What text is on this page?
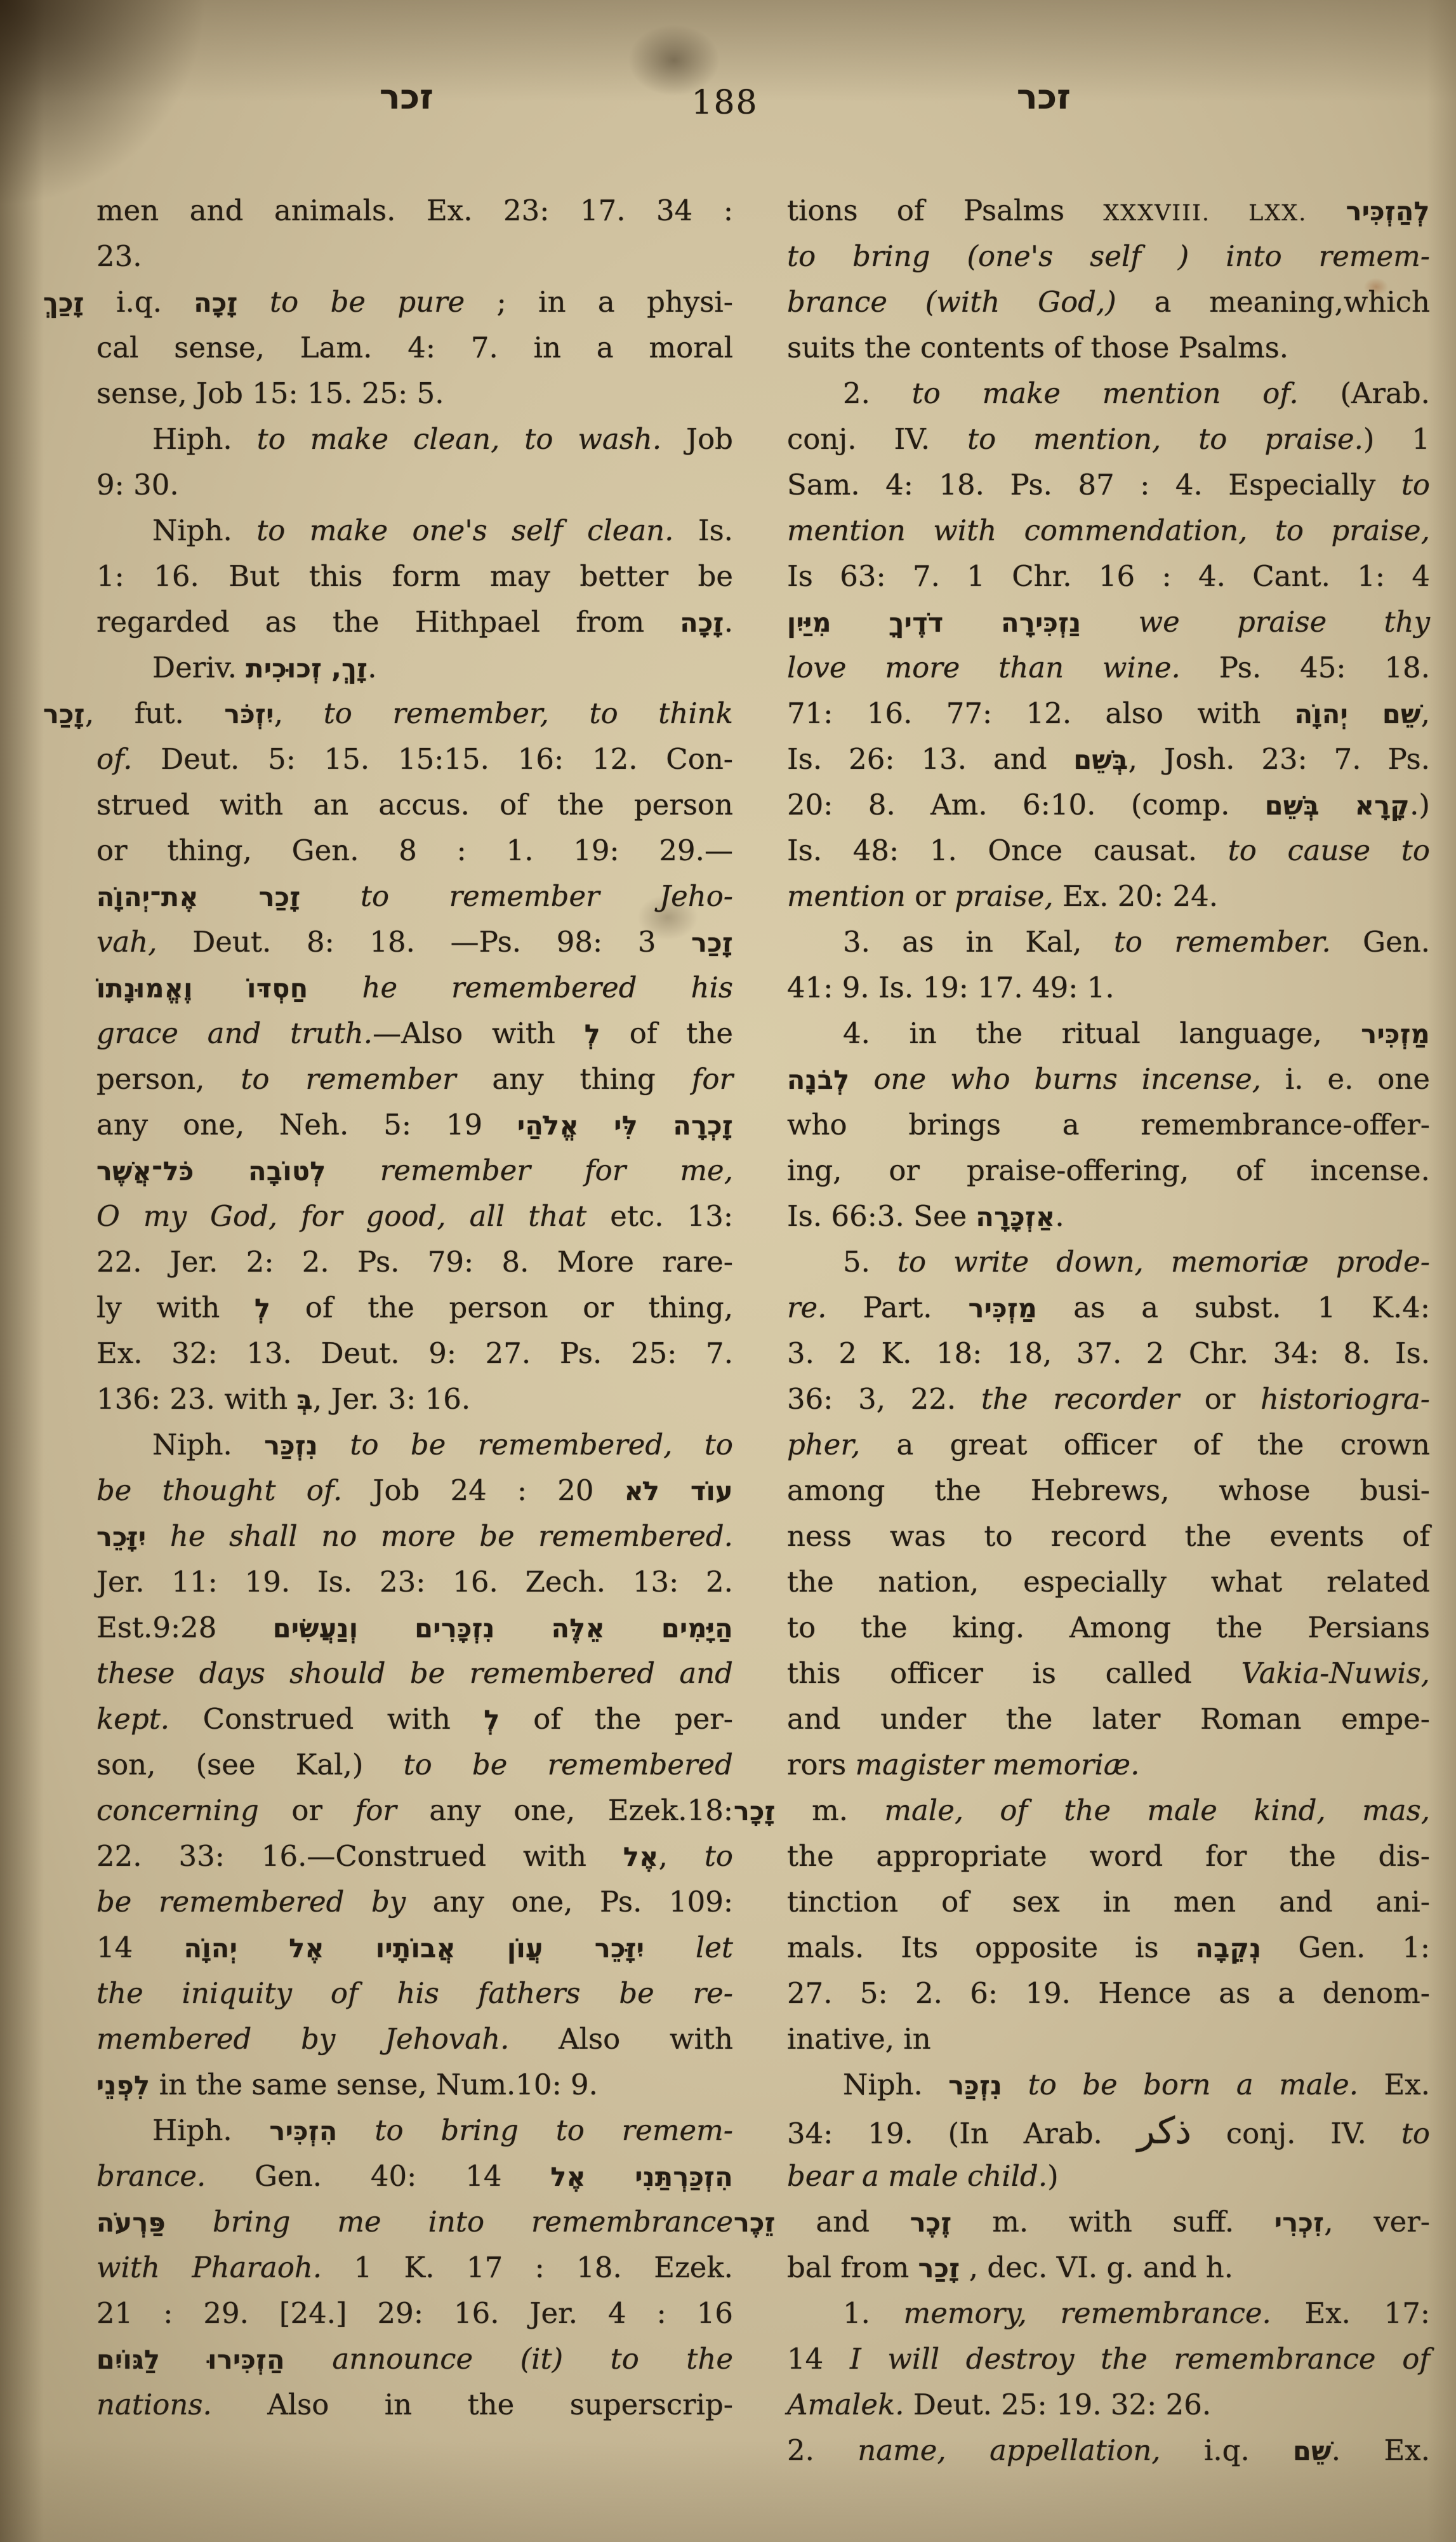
זכר	188	זכר
men and animals. Ex. 23: 17. 34 :
23.
זָכַךְ i.q. זָכָה to be pure ; in a physi-
cal sense, Lam. 4: 7. in a moral
sense, Job 15: 15. 25: 5.
Hiph. to make clean, to wash. Job
9: 30.
Niph. to make one's self clean. Is.
1: 16. But this form may better be
regarded as the Hithpael from זָכָה.
Deriv. זָךְ, זְכוּכִית.
זָכַר, fut. יִזְכֹּר, to remember, to think
of. Deut. 5: 15. 15:15. 16: 12. Con-
strued with an accus. of the person
or thing, Gen. 8 : 1. 19: 29.—
זָכַר אֶת־יְהוָֹה to remember Jeho-
vah, Deut. 8: 18. —Ps. 98: 3 זָכַר
חַסְדּוֹ וֶאֱמוּנָתוֹ he remembered his
grace and truth.—Also with לְ of the
person, to remember any thing for
any one, Neh. 5: 19 זָכְרָה לִּי אֱלֹהַי
לְטוֹבָה כֹּל־אֲשֶׁר remember for me,
O my God, for good, all that etc. 13:
22. Jer. 2: 2. Ps. 79: 8. More rare-
ly with לְ of the person or thing,
Ex. 32: 13. Deut. 9: 27. Ps. 25: 7.
136: 23. with בְּ, Jer. 3: 16.
Niph. נִזְכַּר to be remembered, to
be thought of. Job 24 : 20 עוֹד לֹא
יִזָּכֵר he shall no more be remembered.
Jer. 11: 19. Is. 23: 16. Zech. 13: 2.
Est.9:28 הַיָּמִים אֵלֶּה נִזְכָּרִים וְנַעֲשִׂים
these days should be remembered and
kept. Construed with לְ of the per-
son, (see Kal,) to be remembered
concerning or for any one, Ezek.18:
22. 33: 16.—Construed with אֶל, to
be remembered by any one, Ps. 109:
14 יִזָּכֵר עֲוֹן אֲבוֹתָיו אֶל יְהוָֹה let
the iniquity of his fathers be re-
membered by Jehovah. Also with
לִפְנֵי in the same sense, Num.10: 9.
Hiph. הִזְכִּיר to bring to remem-
brance. Gen. 40: 14 הִזְכַּרְתַּנִי אֶל
פַּרְעֹה bring me into remembrance
with Pharaoh. 1 K. 17 : 18. Ezek.
21 : 29. [24.] 29: 16. Jer. 4 : 16
הַזְכִּירוּ לַגּוֹיִם announce (it) to the
nations. Also in the superscrip-
tions of Psalms XXXVIII. LXX. לְהַזְכִּיר
to bring (one's self ) into remem-
brance (with God,) a meaning,which
suits the contents of those Psalms.
2. to make mention of. (Arab.
conj. IV. to mention, to praise.) 1
Sam. 4: 18. Ps. 87 : 4. Especially to
mention with commendation, to praise,
Is 63: 7. 1 Chr. 16 : 4. Cant. 1: 4
נַזְכִּירָה דֹדֶיךָ מִיַּיִן we praise thy
love more than wine. Ps. 45: 18.
71: 16. 77: 12. also with שֵׁם יְהוָֹה,
Is. 26: 13. and בְּשֵׁם, Josh. 23: 7. Ps.
20: 8. Am. 6:10. (comp. קָרָא בְּשֵׁם.)
Is. 48: 1. Once causat. to cause to
mention or praise, Ex. 20: 24.
3. as in Kal, to remember. Gen.
41: 9. Is. 19: 17. 49: 1.
4. in the ritual language, מַזְכִּיר
לְבֹנָה one who burns incense, i. e. one
who brings a remembrance-offer-
ing, or praise-offering, of incense.
Is. 66:3. See אַזְכָּרָה.
5. to write down, memoriæ prode-
re. Part. מַזְכִּיר as a subst. 1 K.4:
3. 2 K. 18: 18, 37. 2 Chr. 34: 8. Is.
36: 3, 22. the recorder or historiogra-
pher, a great officer of the crown
among the Hebrews, whose busi-
ness was to record the events of
the nation, especially what related
to the king. Among the Persians
this officer is called Vakia-Nuwis,
and under the later Roman empe-
rors magister memoriæ.
זָכָר m. male, of the male kind, mas,
the appropriate word for the dis-
tinction of sex in men and ani-
mals. Its opposite is נְקֵבָה Gen. 1:
27. 5: 2. 6: 19. Hence as a denom-
inative, in
Niph. נִזְכַּר to be born a male. Ex.
34: 19. (In Arab. ذكر conj. IV. to
bear a male child.)
זֵכֶר and זֶכֶר m. with suff. זִכְרִי, ver-
bal from זָכַר , dec. VI. g. and h.
1. memory, remembrance. Ex. 17:
14 I will destroy the remembrance of
Amalek. Deut. 25: 19. 32: 26.
2. name, appellation, i.q. שֵׁם. Ex.
